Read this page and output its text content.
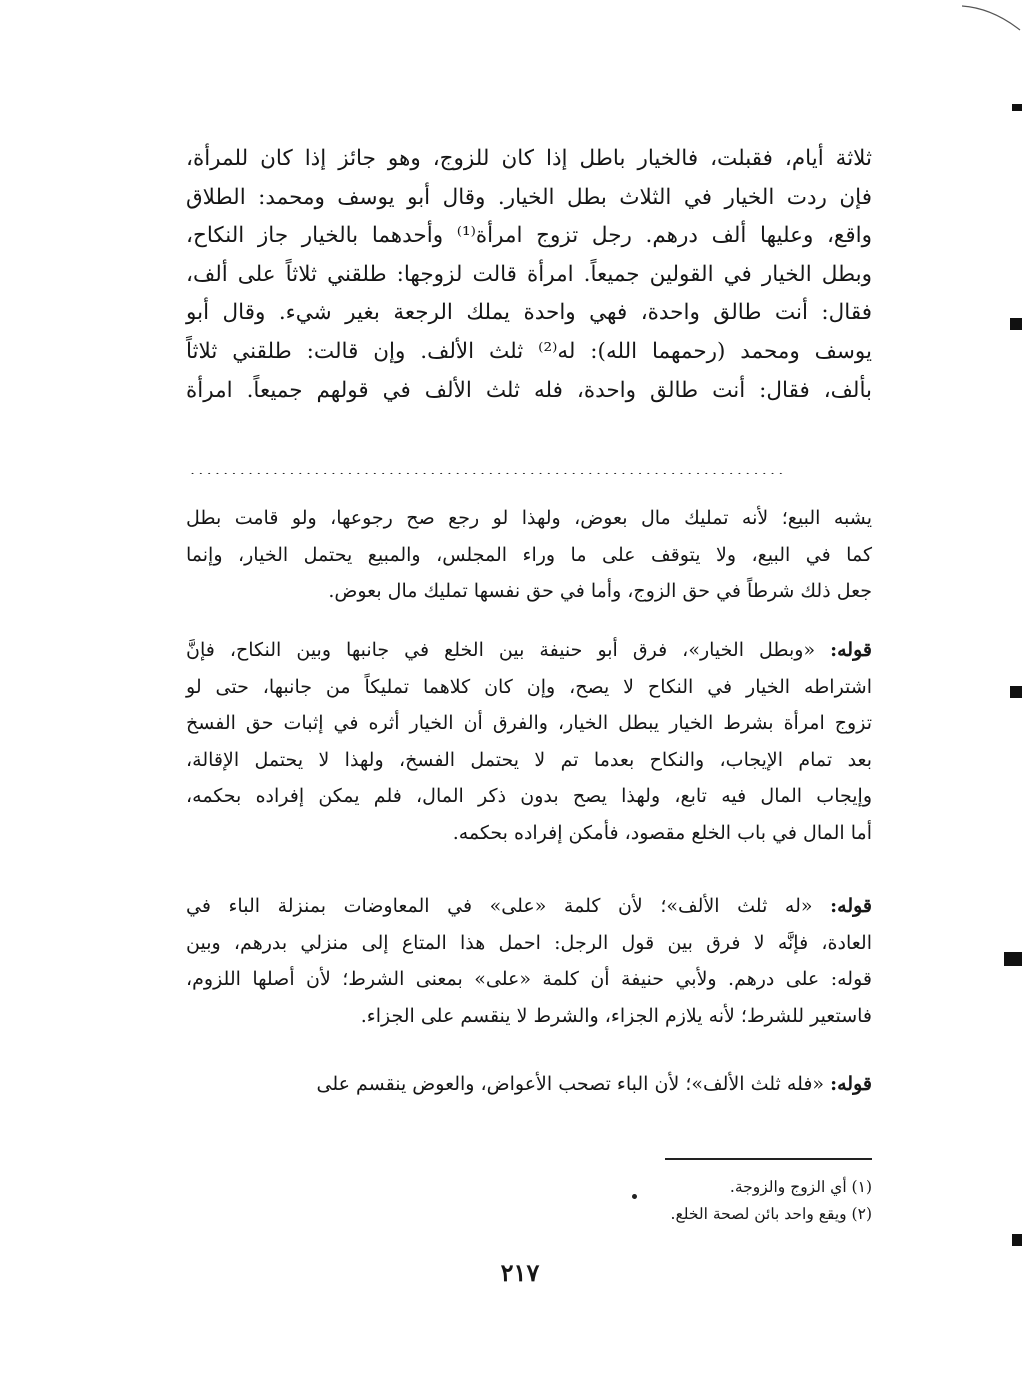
ثلاثة أيام، فقبلت، فالخيار باطل إذا كان للزوج، وهو جائز إذا كان للمرأة،
فإن ردت الخيار في الثلاث بطل الخيار. وقال أبو يوسف ومحمد: الطلاق
واقع، وعليها ألف درهم. رجل تزوج امرأة⁽¹⁾ وأحدهما بالخيار جاز النكاح،
وبطل الخيار في القولين جميعاً. امرأة قالت لزوجها: طلقني ثلاثاً على ألف،
فقال: أنت طالق واحدة، فهي واحدة يملك الرجعة بغير شيء. وقال أبو
يوسف ومحمد (رحمهما الله): له⁽²⁾ ثلث الألف. وإن قالت: طلقني ثلاثاً
بألف، فقال: أنت طالق واحدة، فله ثلث الألف في قولهم جميعاً. امرأة
........................................................................
يشبه البيع؛ لأنه تمليك مال بعوض، ولهذا لو رجع صح رجوعها، ولو قامت بطل
كما في البيع، ولا يتوقف على ما وراء المجلس، والمبيع يحتمل الخيار، وإنما
جعل ذلك شرطاً في حق الزوج، وأما في حق نفسها تمليك مال بعوض.
قوله: «وبطل الخيار»، فرق أبو حنيفة بين الخلع في جانبها وبين النكاح، فإنَّ
اشتراطه الخيار في النكاح لا يصح، وإن كان كلاهما تمليكاً من جانبها، حتى لو
تزوج امرأة بشرط الخيار يبطل الخيار، والفرق أن الخيار أثره في إثبات حق الفسخ
بعد تمام الإيجاب، والنكاح بعدما تم لا يحتمل الفسخ، ولهذا لا يحتمل الإقالة،
وإيجاب المال فيه تابع، ولهذا يصح بدون ذكر المال، فلم يمكن إفراده بحكمه،
أما المال في باب الخلع مقصود، فأمكن إفراده بحكمه.
قوله: «له ثلث الألف»؛ لأن كلمة «على» في المعاوضات بمنزلة الباء في
العادة، فإنَّه لا فرق بين قول الرجل: احمل هذا المتاع إلى منزلي بدرهم، وبين
قوله: على درهم. ولأبي حنيفة أن كلمة «على» بمعنى الشرط؛ لأن أصلها اللزوم،
فاستعير للشرط؛ لأنه يلازم الجزاء، والشرط لا ينقسم على الجزاء.
قوله: «فله ثلث الألف»؛ لأن الباء تصحب الأعواض، والعوض ينقسم على
(١) أي الزوج والزوجة.
(٢) ويقع واحد بائن لصحة الخلع.
٢١٧
